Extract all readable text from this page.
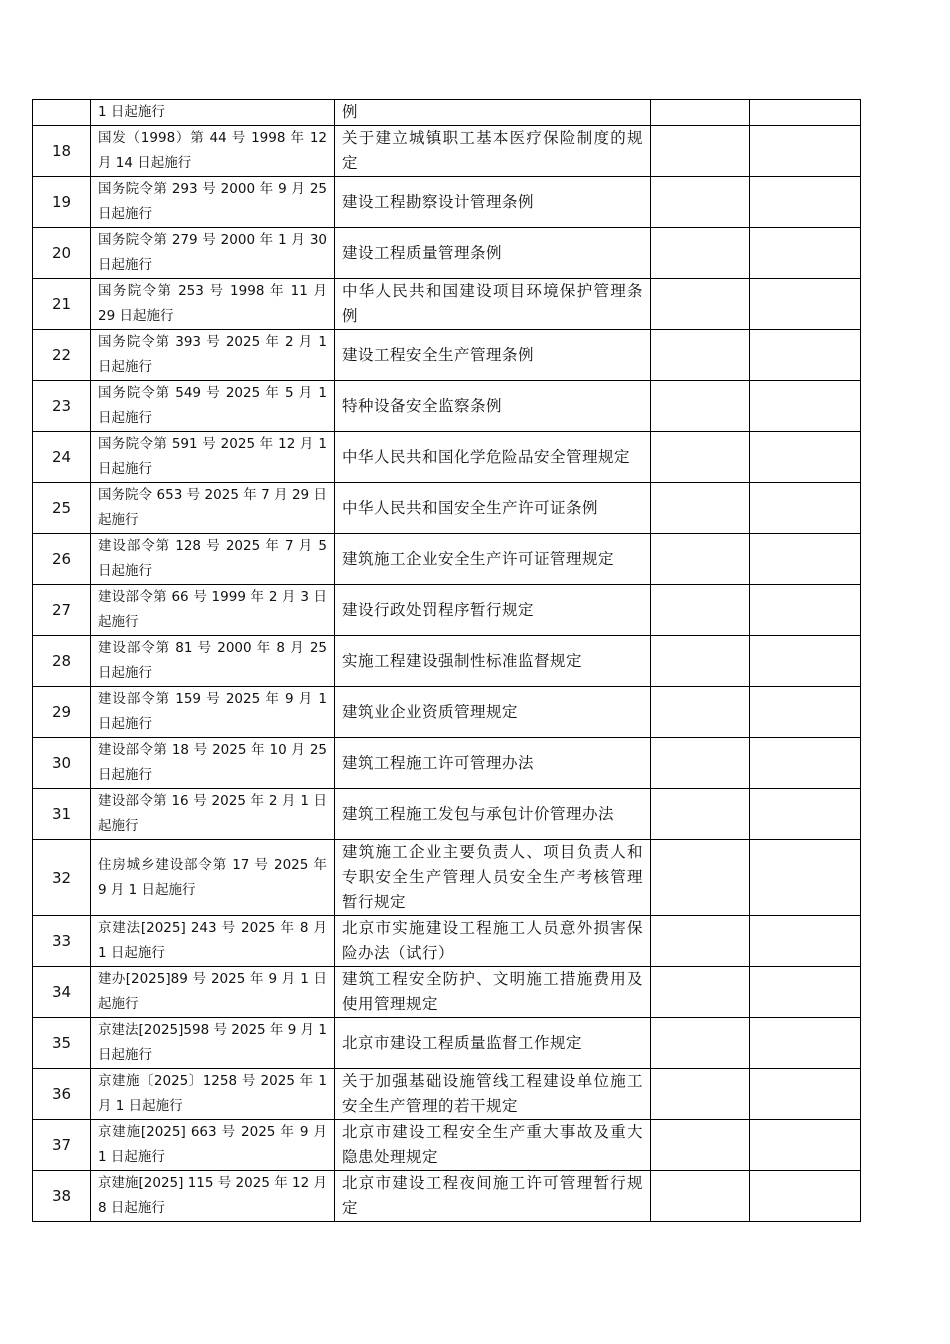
	1 日起施行	例		
18	国发（1998）第 44 号 1998 年 12 月 14 日起施行	关于建立城镇职工基本医疗保险制度的规定		
19	国务院令第 293 号 2000 年 9 月 25 日起施行	建设工程勘察设计管理条例		
20	国务院令第 279 号 2000 年 1 月 30 日起施行	建设工程质量管理条例		
21	国务院令第 253 号 1998 年 11 月 29 日起施行	中华人民共和国建设项目环境保护管理条例		
22	国务院令第 393 号 2025 年 2 月 1 日起施行	建设工程安全生产管理条例		
23	国务院令第 549 号 2025 年 5 月 1 日起施行	特种设备安全监察条例		
24	国务院令第 591 号 2025 年 12 月 1 日起施行	中华人民共和国化学危险品安全管理规定		
25	国务院令 653 号 2025 年 7 月 29 日起施行	中华人民共和国安全生产许可证条例		
26	建设部令第 128 号 2025 年 7 月 5 日起施行	建筑施工企业安全生产许可证管理规定		
27	建设部令第 66 号 1999 年 2 月 3 日起施行	建设行政处罚程序暂行规定		
28	建设部令第 81 号 2000 年 8 月 25 日起施行	实施工程建设强制性标准监督规定		
29	建设部令第 159 号 2025 年 9 月 1 日起施行	建筑业企业资质管理规定		
30	建设部令第 18 号 2025 年 10 月 25 日起施行	建筑工程施工许可管理办法		
31	建设部令第 16 号 2025 年 2 月 1 日起施行	建筑工程施工发包与承包计价管理办法		
32	住房城乡建设部令第 17 号 2025 年 9 月 1 日起施行	建筑施工企业主要负责人、项目负责人和专职安全生产管理人员安全生产考核管理暂行规定		
33	京建法[2025] 243 号 2025 年 8 月 1 日起施行	北京市实施建设工程施工人员意外损害保险办法（试行）		
34	建办[2025]89 号 2025 年 9 月 1 日起施行	建筑工程安全防护、文明施工措施费用及使用管理规定		
35	京建法[2025]598 号 2025 年 9 月 1 日起施行	北京市建设工程质量监督工作规定		
36	京建施〔2025〕1258 号 2025 年 1 月 1 日起施行	关于加强基础设施管线工程建设单位施工安全生产管理的若干规定		
37	京建施[2025] 663 号 2025 年 9 月 1 日起施行	北京市建设工程安全生产重大事故及重大隐患处理规定		
38	京建施[2025] 115 号 2025 年 12 月 8 日起施行	北京市建设工程夜间施工许可管理暂行规定		
